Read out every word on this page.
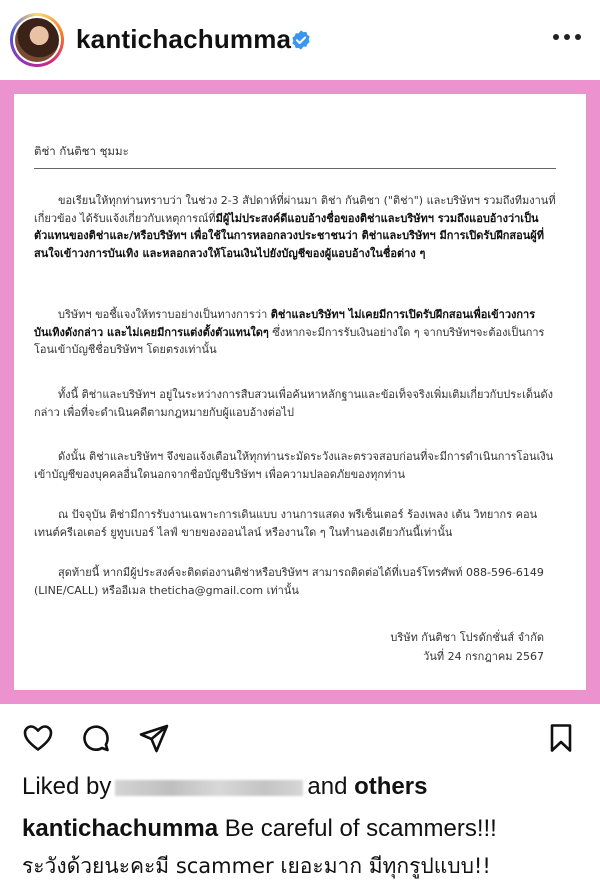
kantichachumma
ติช่า กันติชา ชุมมะ
ขอเรียนให้ทุกท่านทราบว่า ในช่วง 2-3 สัปดาห์ที่ผ่านมา ติช่า กันติชา ("ติช่า") และบริษัทฯ รวมถึงทีมงานที่เกี่ยวข้อง ได้รับแจ้งเกี่ยวกับเหตุการณ์ที่มีผู้ไม่ประสงค์ดีแอบอ้างชื่อของติช่าและบริษัทฯ รวมถึงแอบอ้างว่าเป็นตัวแทนของติช่าและ/หรือบริษัทฯ เพื่อใช้ในการหลอกลวงประชาชนว่า ติช่าและบริษัทฯ มีการเปิดรับฝึกสอนผู้ที่สนใจเข้าวงการบันเทิง และหลอกลวงให้โอนเงินไปยังบัญชีของผู้แอบอ้างในชื่อต่าง ๆ
บริษัทฯ ขอชี้แจงให้ทราบอย่างเป็นทางการว่า ติช่าและบริษัทฯ ไม่เคยมีการเปิดรับฝึกสอนเพื่อเข้าวงการบันเทิงดังกล่าว และไม่เคยมีการแต่งตั้งตัวแทนใดๆ ซึ่งหากจะมีการรับเงินอย่างใด ๆ จากบริษัทฯจะต้องเป็นการโอนเข้าบัญชีชื่อบริษัทฯ โดยตรงเท่านั้น
ทั้งนี้ ติช่าและบริษัทฯ อยู่ในระหว่างการสืบสวนเพื่อค้นหาหลักฐานและข้อเท็จจริงเพิ่มเติมเกี่ยวกับประเด็นดังกล่าว เพื่อที่จะดำเนินคดีตามกฎหมายกับผู้แอบอ้างต่อไป
ดังนั้น ติช่าและบริษัทฯ จึงขอแจ้งเตือนให้ทุกท่านระมัดระวังและตรวจสอบก่อนที่จะมีการดำเนินการโอนเงินเข้าบัญชีของบุคคลอื่นใดนอกจากชื่อบัญชีบริษัทฯ เพื่อความปลอดภัยของทุกท่าน
ณ ปัจจุบัน ติช่ามีการรับงานเฉพาะการเดินแบบ งานการแสดง พรีเซ็นเตอร์ ร้องเพลง เต้น วิทยากร คอนเทนต์ครีเอเตอร์ ยูทูบเบอร์ ไลฟ์ ขายของออนไลน์ หรืองานใด ๆ ในทำนองเดียวกันนี้เท่านั้น
สุดท้ายนี้ หากมีผู้ประสงค์จะติดต่องานติช่าหรือบริษัทฯ สามารถติดต่อได้ที่เบอร์โทรศัพท์ 088-596-6149 (LINE/CALL) หรืออีเมล theticha@gmail.com เท่านั้น
บริษัท กันติชา โปรดักชั่นส์ จำกัด
วันที่ 24 กรกฎาคม 2567
Liked by	and others
kantichachumma Be careful of scammers!!!
ระวังด้วยนะคะมี scammer เยอะมาก มีทุกรูปแบบ!!
